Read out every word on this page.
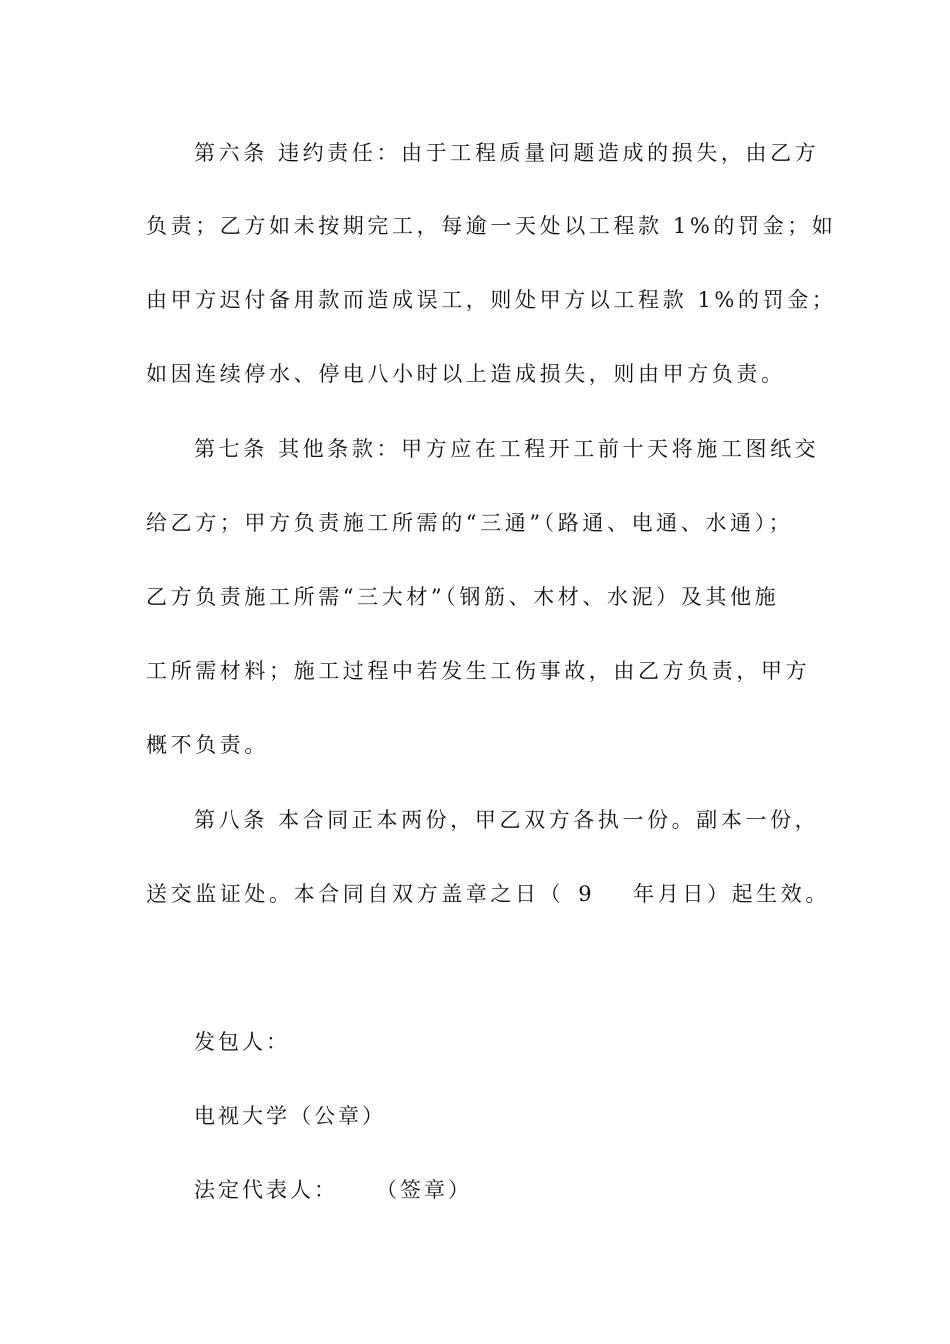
第六条 违约责任：由于工程质量问题造成的损失，由乙方
负责；乙方如未按期完工，每逾一天处以工程款 1%的罚金；如
由甲方迟付备用款而造成误工，则处甲方以工程款 1%的罚金；
如因连续停水、停电八小时以上造成损失，则由甲方负责。
第七条 其他条款：甲方应在工程开工前十天将施工图纸交
给乙方；甲方负责施工所需的“三通”（路通、电通、水通）；
乙方负责施工所需“三大材”（钢筋、木材、水泥）及其他施
工所需材料；施工过程中若发生工伤事故，由乙方负责，甲方
概不负责。
第八条 本合同正本两份，甲乙双方各执一份。副本一份，
送交监证处。本合同自双方盖章之日（ 9 年月日）起生效。
发包人：
电视大学（公章）
法定代表人： （签章）
